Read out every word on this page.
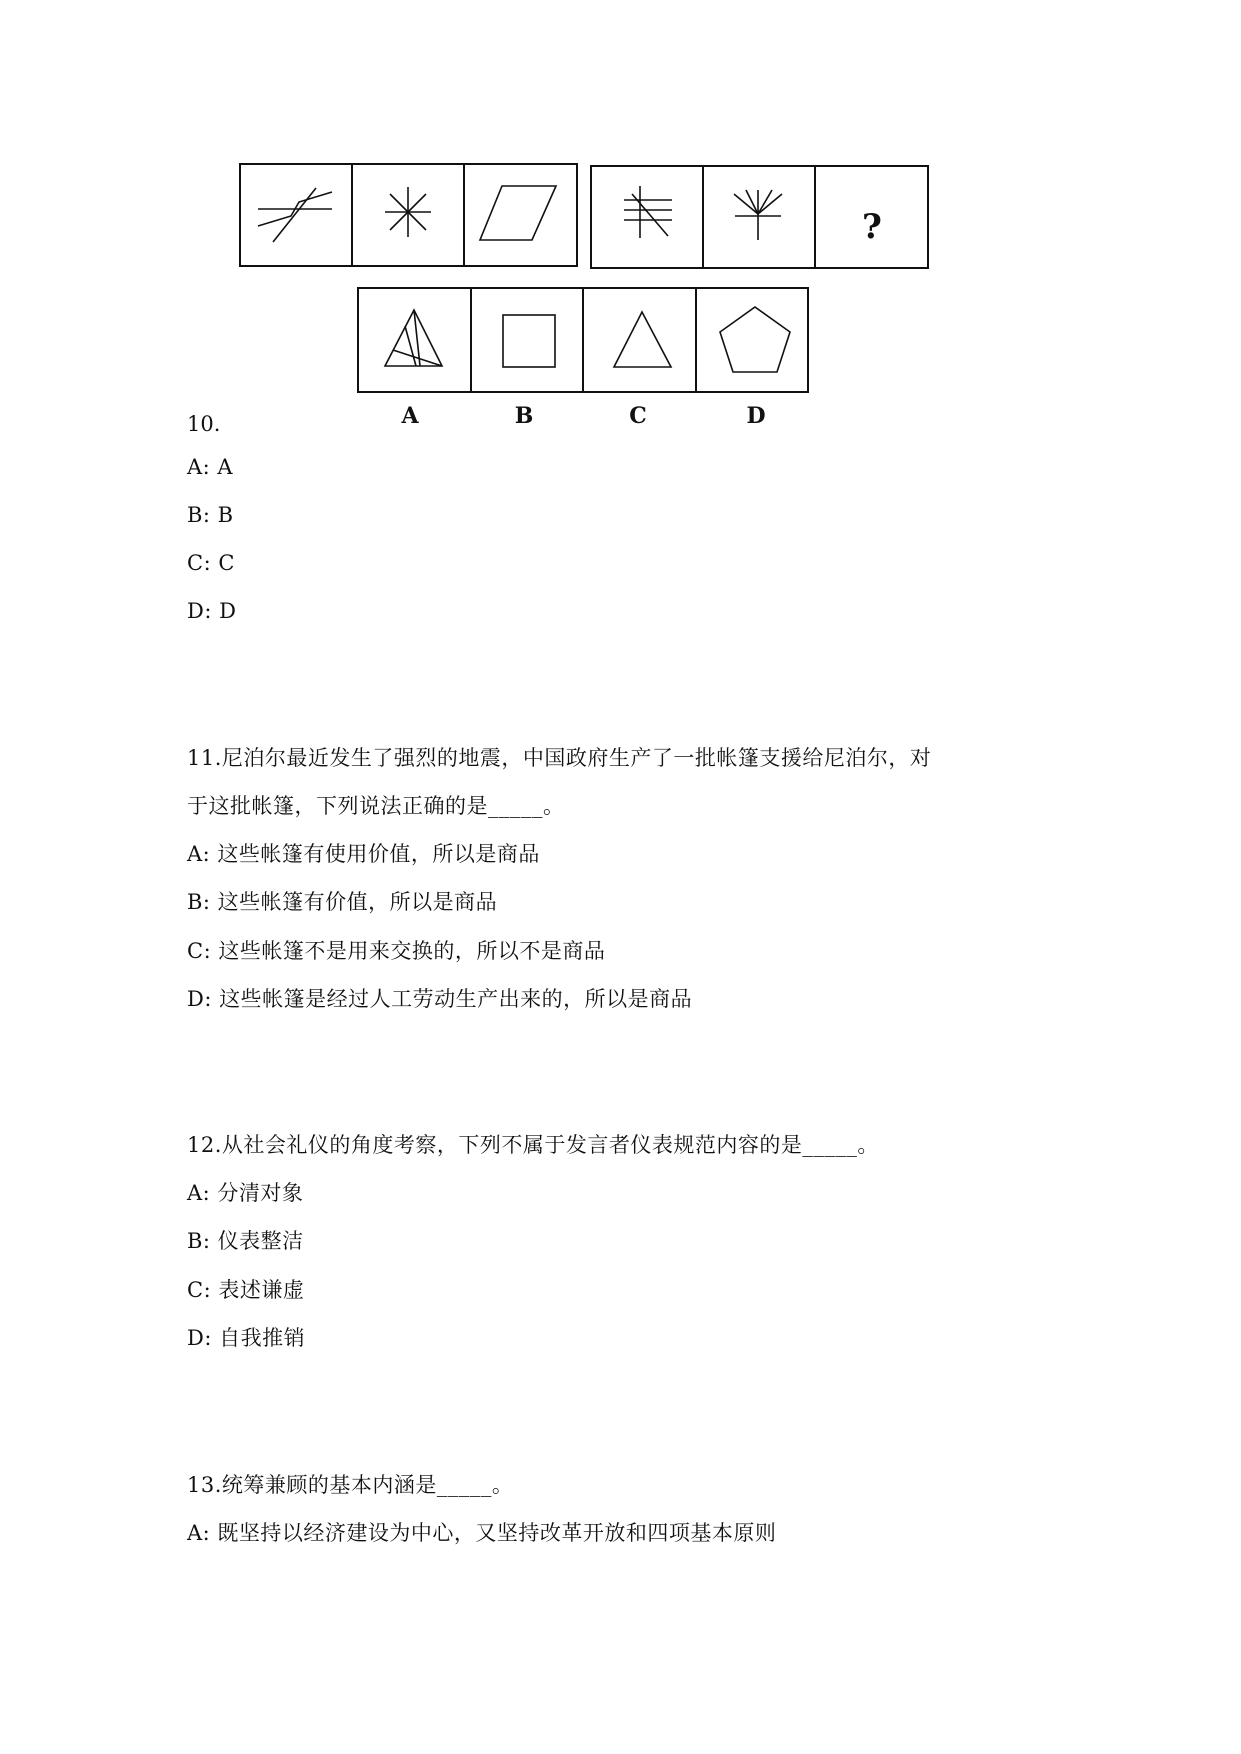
?
A	B	C	D
10.
A: A
B: B
C: C
D: D
11.尼泊尔最近发生了强烈的地震，中国政府生产了一批帐篷支援给尼泊尔，对
于这批帐篷，下列说法正确的是_____。
A: 这些帐篷有使用价值，所以是商品
B: 这些帐篷有价值，所以是商品
C: 这些帐篷不是用来交换的，所以不是商品
D: 这些帐篷是经过人工劳动生产出来的，所以是商品
12.从社会礼仪的角度考察，下列不属于发言者仪表规范内容的是_____。
A: 分清对象
B: 仪表整洁
C: 表述谦虚
D: 自我推销
13.统筹兼顾的基本内涵是_____。
A: 既坚持以经济建设为中心，又坚持改革开放和四项基本原则
